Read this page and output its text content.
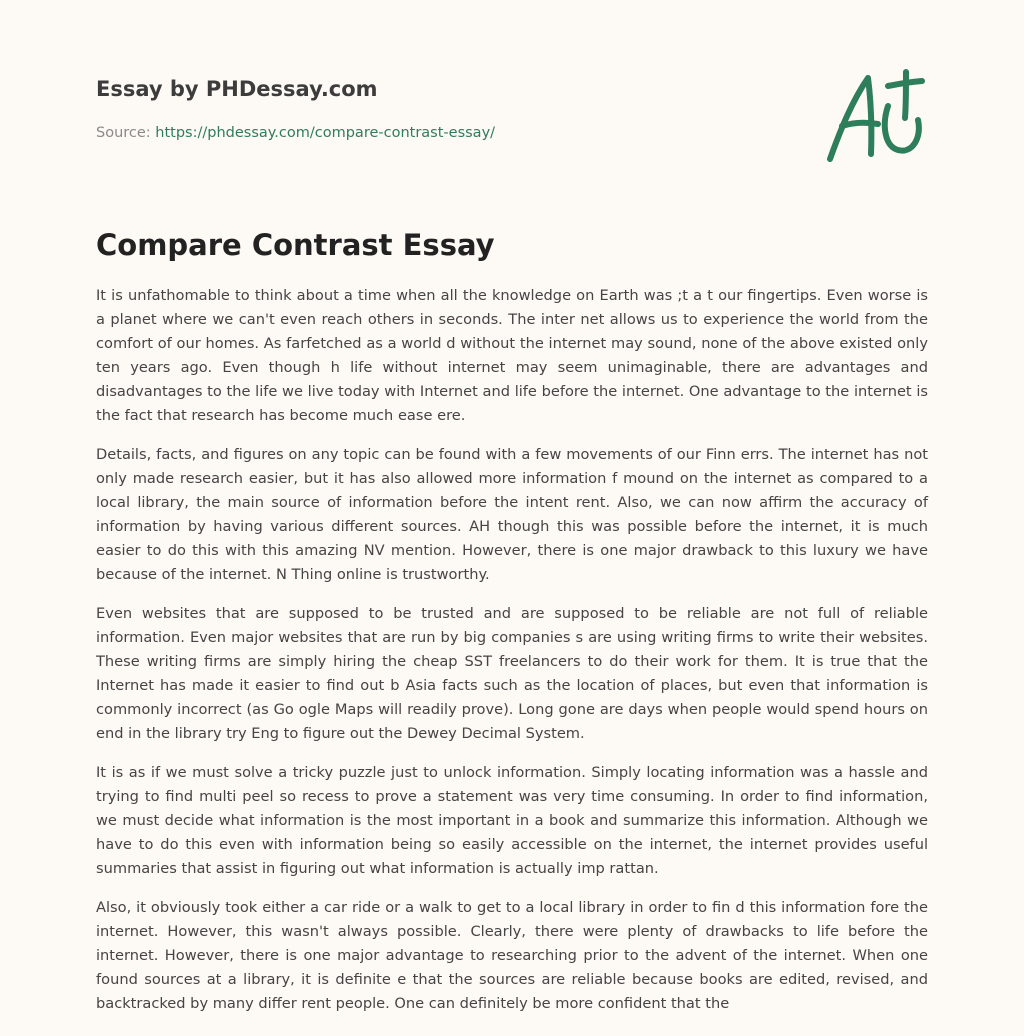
Essay by PHDessay.com
Source: https://phdessay.com/compare-contrast-essay/
Compare Contrast Essay

It is unfathomable to think about a time when all the knowledge on Earth was ;t a t our fingertips. Even worse is a planet where we can't even reach others in seconds. The inter net allows us to experience the world from the comfort of our homes. As farfetched as a world d without the internet may sound, none of the above existed only ten years ago. Even though h life without internet may seem unimaginable, there are advantages and disadvantages to the life we live today with Internet and life before the internet. One advantage to the internet is the fact that research has become much ease ere.

Details, facts, and figures on any topic can be found with a few movements of our Finn errs. The internet has not only made research easier, but it has also allowed more information f mound on the internet as compared to a local library, the main source of information before the intent rent. Also, we can now affirm the accuracy of information by having various different sources. AH though this was possible before the internet, it is much easier to do this with this amazing NV mention. However, there is one major drawback to this luxury we have because of the internet. N Thing online is trustworthy.

Even websites that are supposed to be trusted and are supposed to be reliable are not full of reliable information. Even major websites that are run by big companies s are using writing firms to write their websites. These writing firms are simply hiring the cheap SST freelancers to do their work for them. It is true that the Internet has made it easier to find out b Asia facts such as the location of places, but even that information is commonly incorrect (as Go ogle Maps will readily prove). Long gone are days when people would spend hours on end in the library try Eng to figure out the Dewey Decimal System.

It is as if we must solve a tricky puzzle just to unlock information. Simply locating information was a hassle and trying to find multi peel so recess to prove a statement was very time consuming. In order to find information, we must decide what information is the most important in a book and summarize this information. Although we have to do this even with information being so easily accessible on the internet, the internet provides useful summaries that assist in figuring out what information is actually imp rattan.

Also, it obviously took either a car ride or a walk to get to a local library in order to fin d this information fore the internet. However, this wasn't always possible. Clearly, there were plenty of drawbacks to life before the internet. However, there is one major advantage to researching prior to the advent of the internet. When one found sources at a library, it is definite e that the sources are reliable because books are edited, revised, and backtracked by many differ rent people. One can definitely be more confident that the
